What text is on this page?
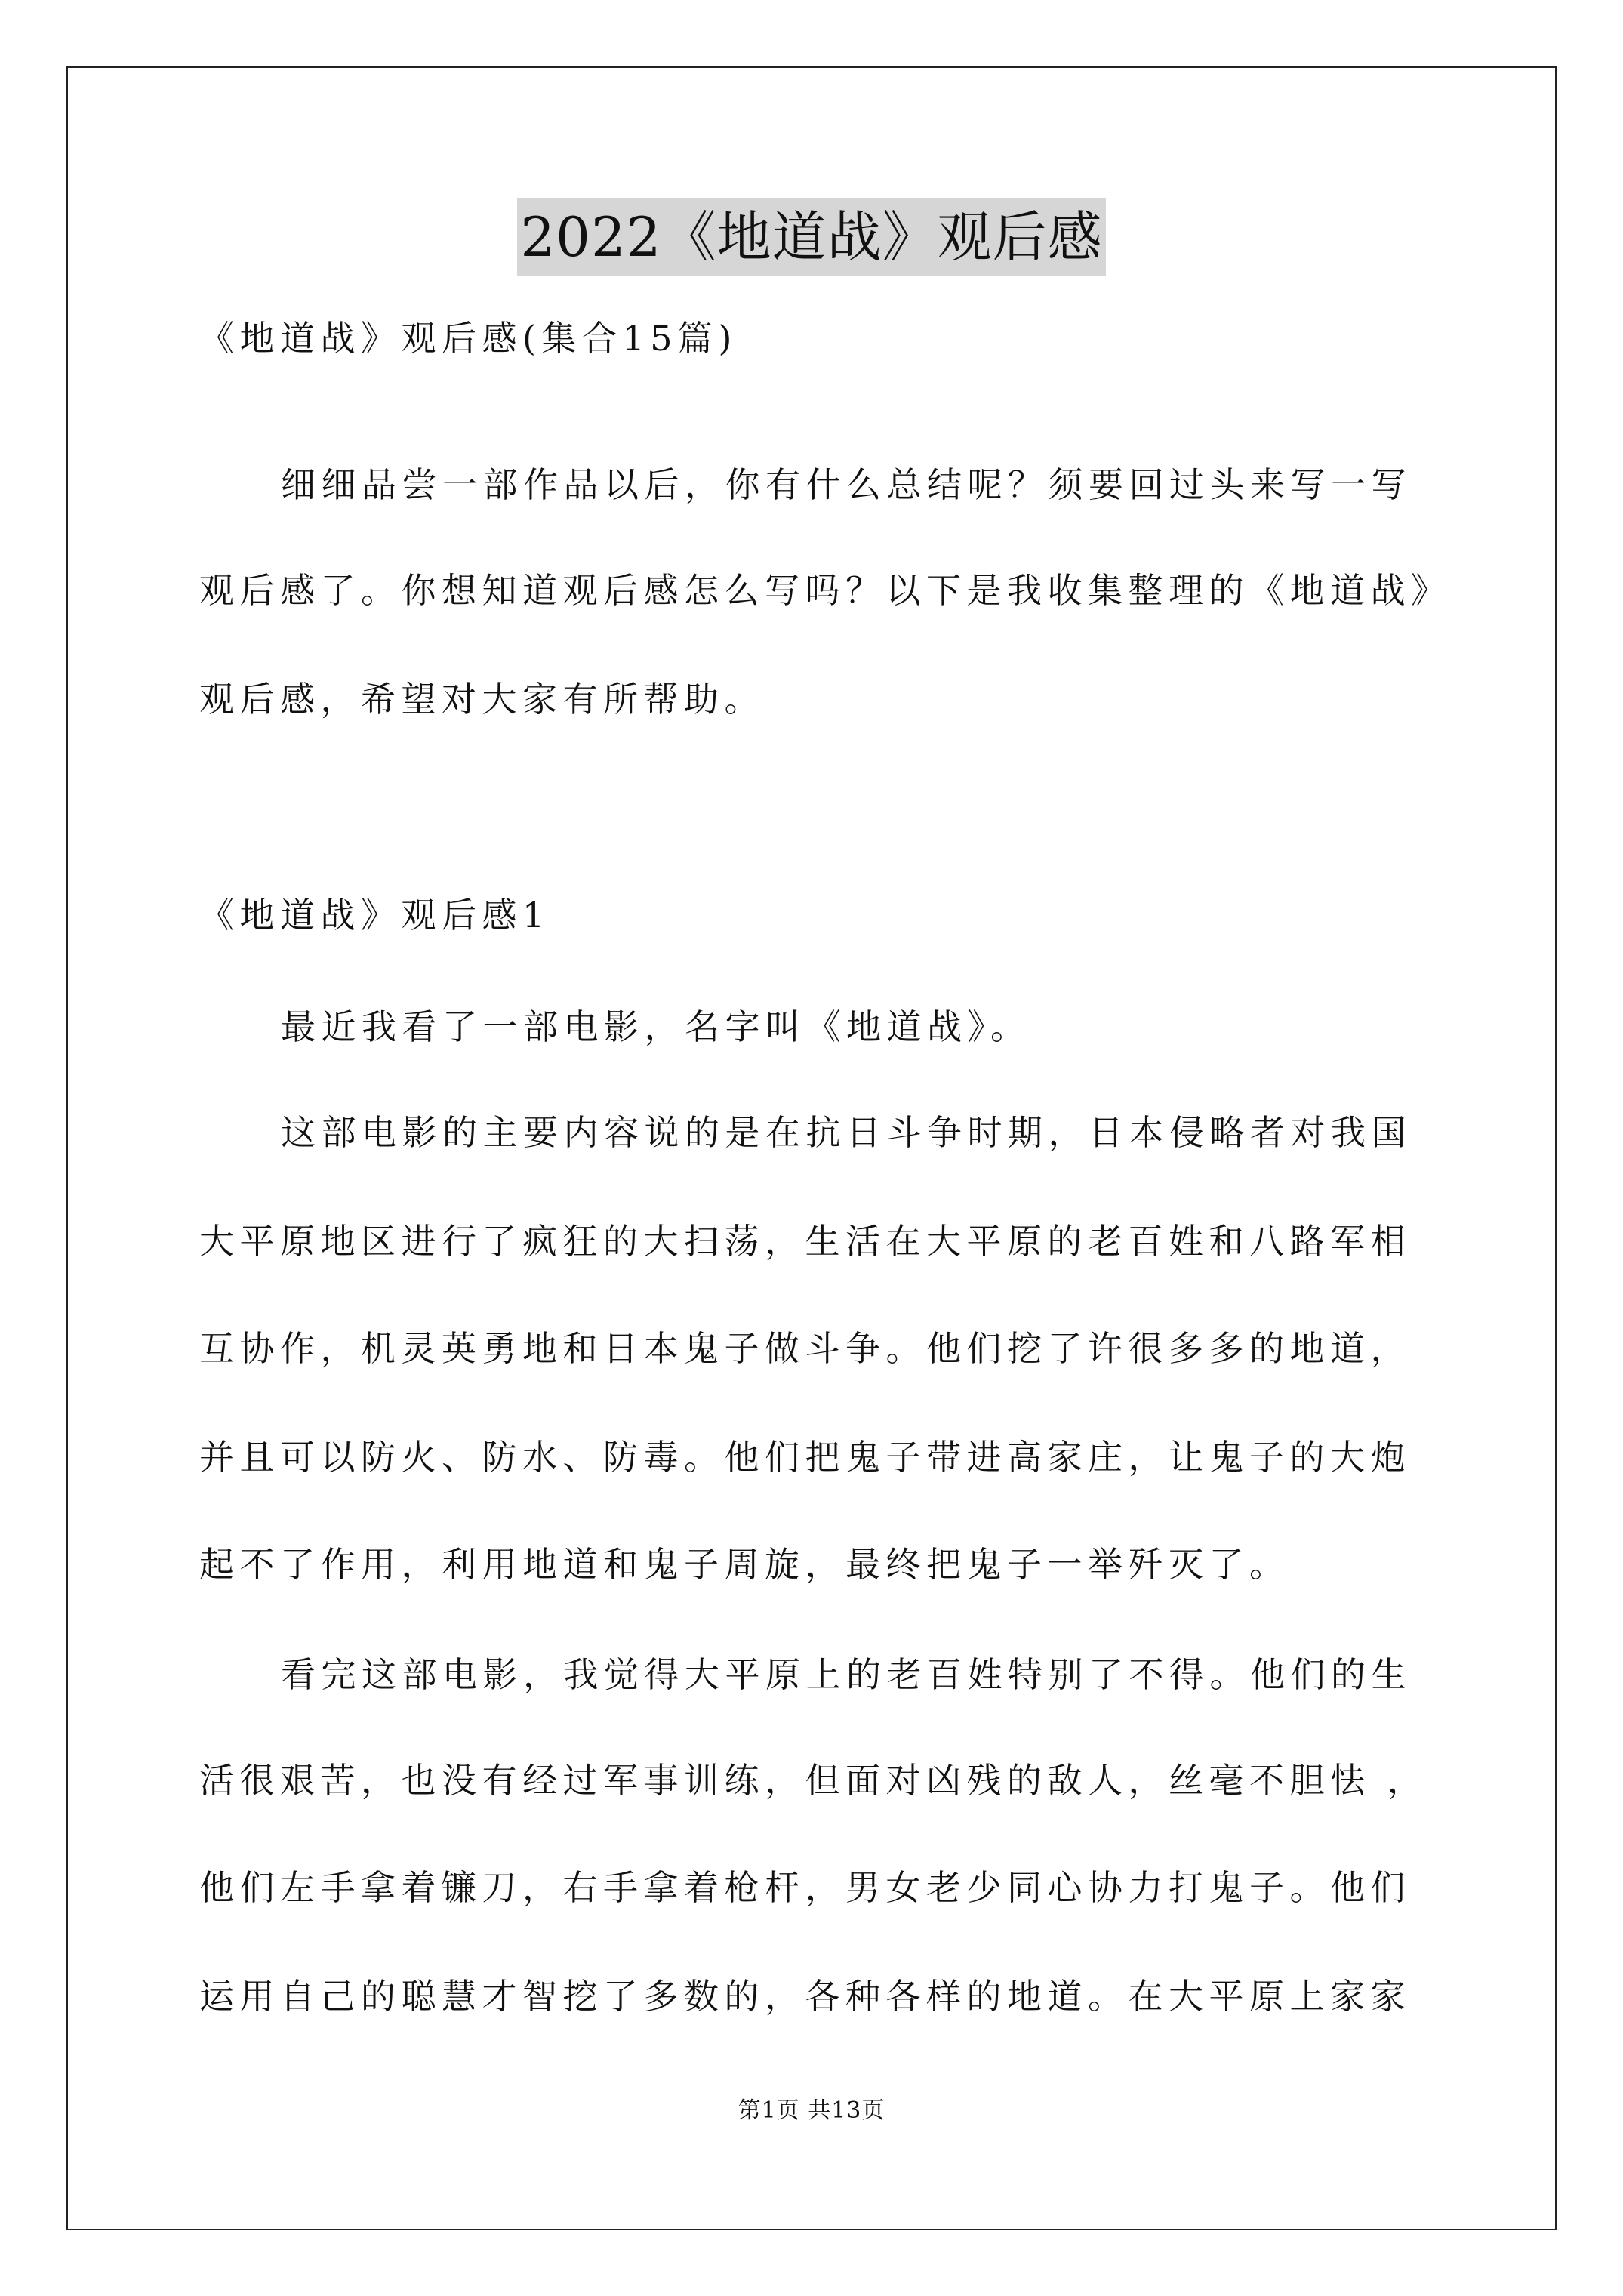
2022《地道战》观后感
《地道战》观后感(集合15篇)
细细品尝一部作品以后，你有什么总结呢？须要回过头来写一写
观后感了。你想知道观后感怎么写吗？以下是我收集整理的《地道战》
观后感，希望对大家有所帮助。
《地道战》观后感1
最近我看了一部电影，名字叫《地道战》。
这部电影的主要内容说的是在抗日斗争时期，日本侵略者对我国
大平原地区进行了疯狂的大扫荡，生活在大平原的老百姓和八路军相
互协作，机灵英勇地和日本鬼子做斗争。他们挖了许很多多的地道，
并且可以防火、防水、防毒。他们把鬼子带进高家庄，让鬼子的大炮
起不了作用，利用地道和鬼子周旋，最终把鬼子一举歼灭了。
看完这部电影，我觉得大平原上的老百姓特别了不得。他们的生
活很艰苦，也没有经过军事训练，但面对凶残的敌人，丝毫不胆怯 ，
他们左手拿着镰刀，右手拿着枪杆，男女老少同心协力打鬼子。他们
运用自己的聪慧才智挖了多数的，各种各样的地道。在大平原上家家
第1页 共13页
